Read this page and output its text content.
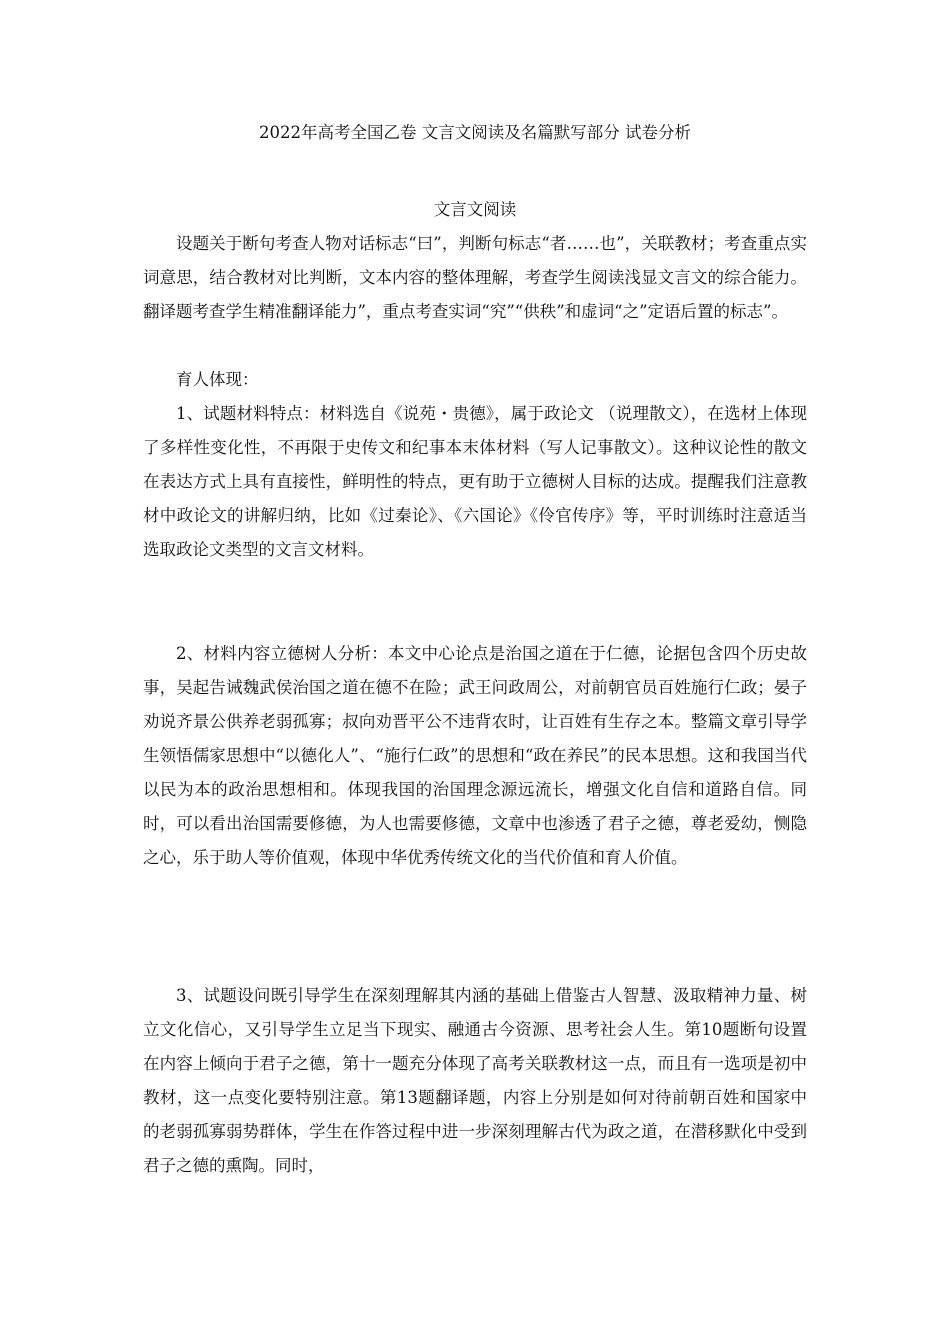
2022年高考全国乙卷 文言文阅读及名篇默写部分 试卷分析
文言文阅读

设题关于断句考查人物对话标志“曰”，判断句标志“者……也”，关联教材；考查重点实词意思，结合教材对比判断，文本内容的整体理解，考查学生阅读浅显文言文的综合能力。翻译题考查学生精准翻译能力”，重点考查实词“究”“供秩”和虚词“之”定语后置的标志”。

育人体现：

1、试题材料特点：材料选自《说苑・贵德》，属于政论文 （说理散文），在选材上体现了多样性变化性，不再限于史传文和纪事本末体材料（写人记事散文）。这种议论性的散文在表达方式上具有直接性，鲜明性的特点，更有助于立德树人目标的达成。提醒我们注意教材中政论文的讲解归纳，比如《过秦论》、《六国论》《伶官传序》等，平时训练时注意适当选取政论文类型的文言文材料。

2、材料内容立德树人分析：本文中心论点是治国之道在于仁德，论据包含四个历史故事，吴起告诫魏武侯治国之道在德不在险；武王问政周公，对前朝官员百姓施行仁政；晏子劝说齐景公供养老弱孤寡；叔向劝晋平公不违背农时，让百姓有生存之本。整篇文章引导学生领悟儒家思想中“以德化人”、“施行仁政”的思想和“政在养民”的民本思想。这和我国当代以民为本的政治思想相和。体现我国的治国理念源远流长，增强文化自信和道路自信。同时，可以看出治国需要修德，为人也需要修德，文章中也渗透了君子之德，尊老爱幼，恻隐之心，乐于助人等价值观，体现中华优秀传统文化的当代价值和育人价值。

3、试题设问既引导学生在深刻理解其内涵的基础上借鉴古人智慧、汲取精神力量、树立文化信心，又引导学生立足当下现实、融通古今资源、思考社会人生。第10题断句设置在内容上倾向于君子之德，第十一题充分体现了高考关联教材这一点，而且有一选项是初中教材，这一点变化要特别注意。第13题翻译题，内容上分别是如何对待前朝百姓和国家中的老弱孤寡弱势群体，学生在作答过程中进一步深刻理解古代为政之道，在潜移默化中受到君子之德的熏陶。同时，
